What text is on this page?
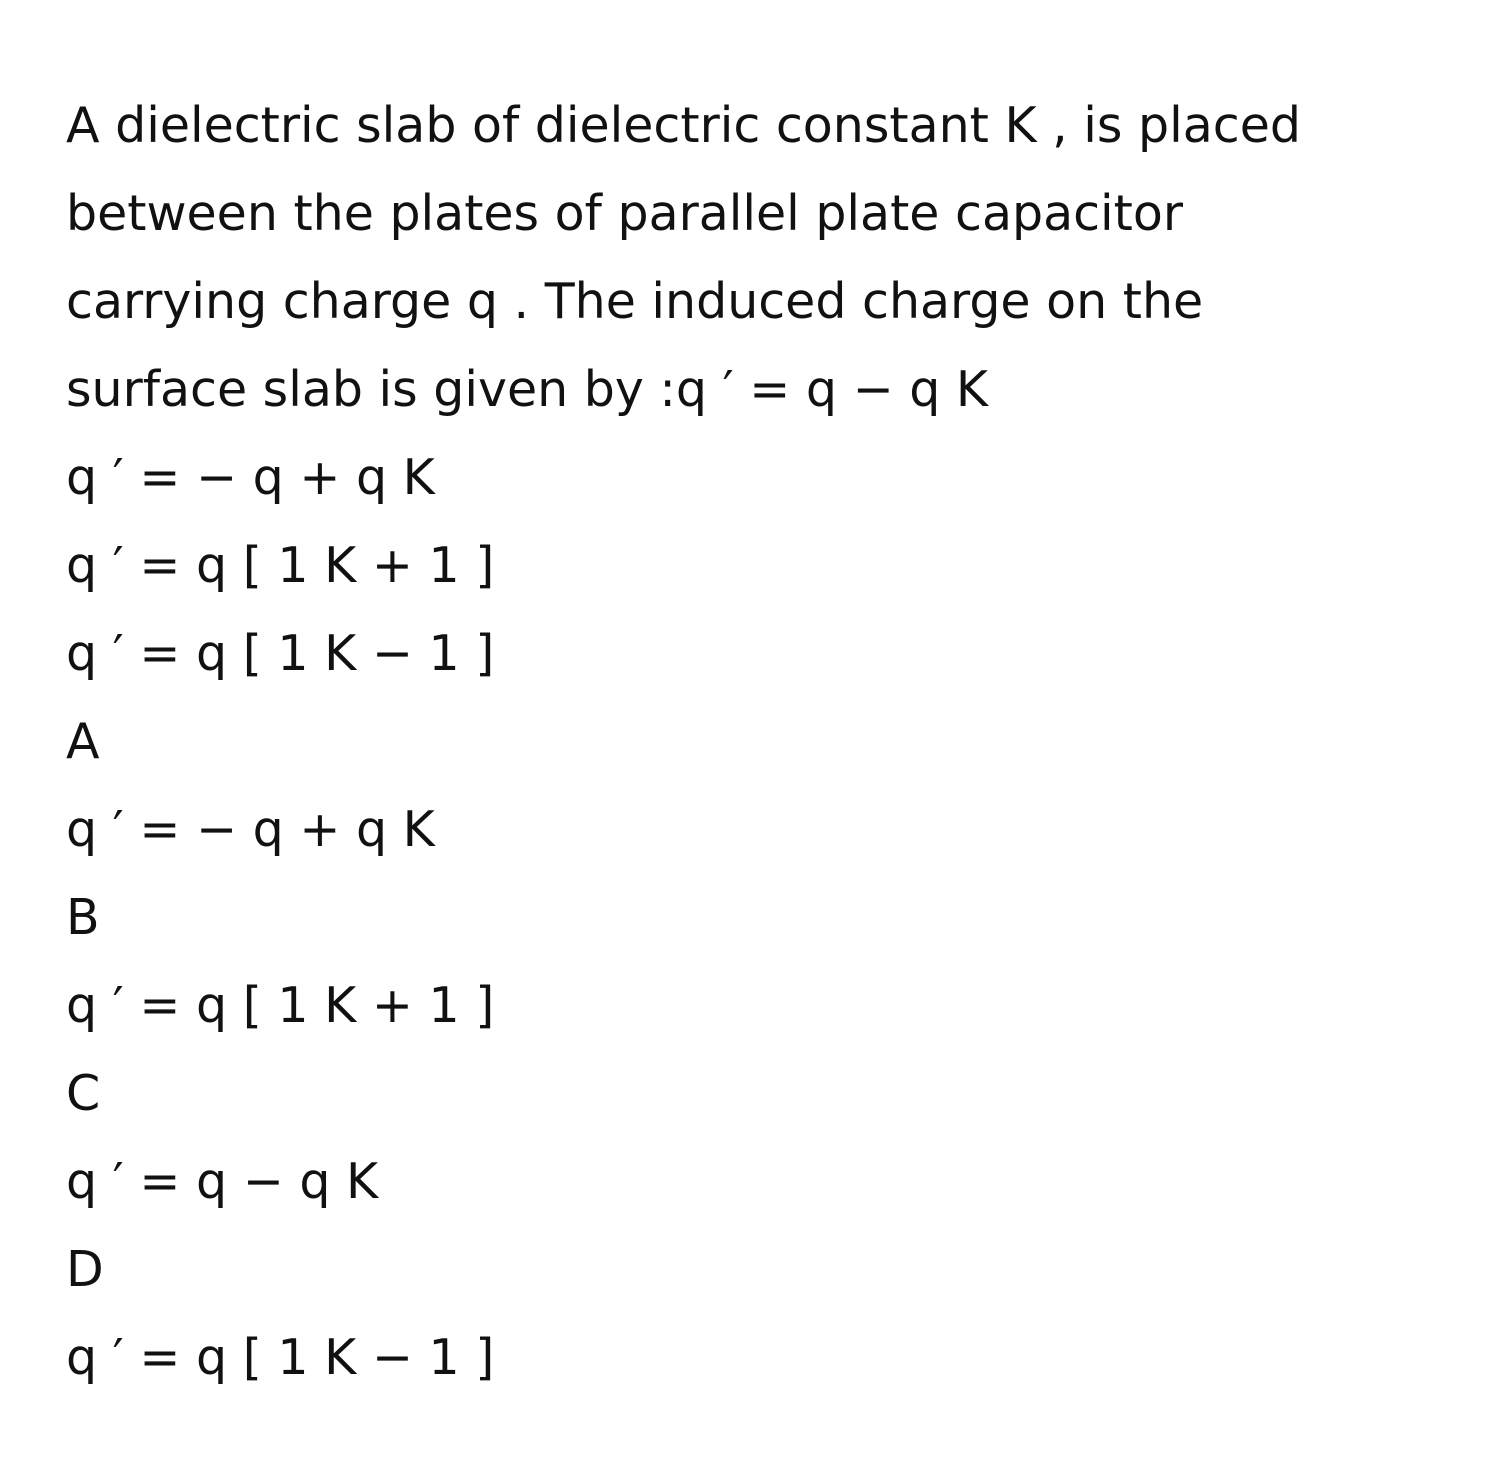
A dielectric slab of dielectric constant K , is placed
between the plates of parallel plate capacitor
carrying charge q . The induced charge on the
surface slab is given by :q ′ = q − q K
q ′ = − q + q K
q ′ = q [ 1 K + 1 ]
q ′ = q [ 1 K − 1 ]
A
q ′ = − q + q K
B
q ′ = q [ 1 K + 1 ]
C
q ′ = q − q K
D
q ′ = q [ 1 K − 1 ]
